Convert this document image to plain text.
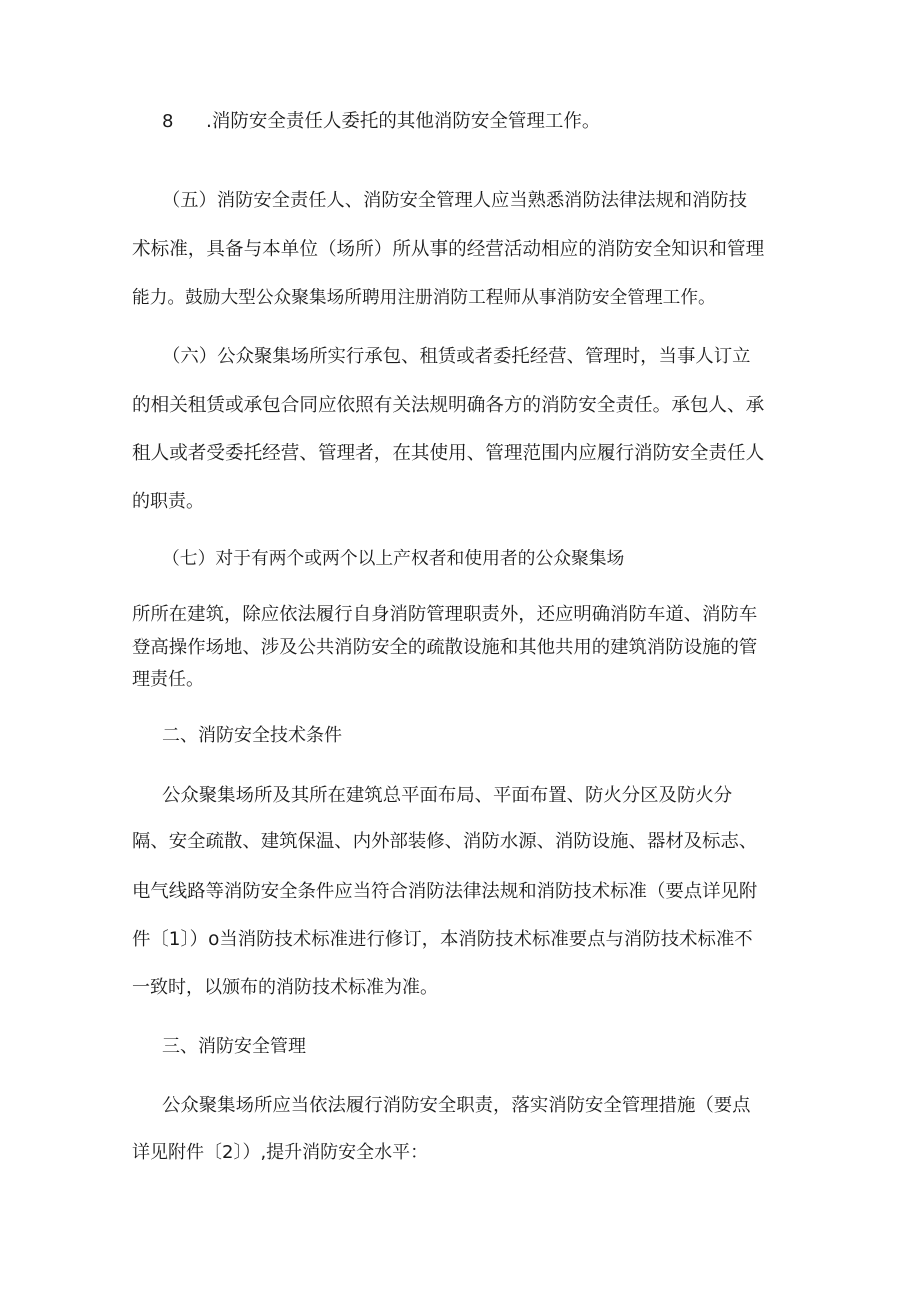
8 .消防安全责任人委托的其他消防安全管理工作。
（五）消防安全责任人、消防安全管理人应当熟悉消防法律法规和消防技
术标准，具备与本单位（场所）所从事的经营活动相应的消防安全知识和管理
能力。鼓励大型公众聚集场所聘用注册消防工程师从事消防安全管理工作。
（六）公众聚集场所实行承包、租赁或者委托经营、管理时，当事人订立
的相关租赁或承包合同应依照有关法规明确各方的消防安全责任。承包人、承
租人或者受委托经营、管理者，在其使用、管理范围内应履行消防安全责任人
的职责。
（七）对于有两个或两个以上产权者和使用者的公众聚集场
所所在建筑，除应依法履行自身消防管理职责外，还应明确消防车道、消防车
登高操作场地、涉及公共消防安全的疏散设施和其他共用的建筑消防设施的管
理责任。
二、消防安全技术条件
公众聚集场所及其所在建筑总平面布局、平面布置、防火分区及防火分
隔、安全疏散、建筑保温、内外部装修、消防水源、消防设施、器材及标志、
电气线路等消防安全条件应当符合消防法律法规和消防技术标准（要点详见附
件〔1〕）o当消防技术标准进行修订，本消防技术标准要点与消防技术标准不
一致时，以颁布的消防技术标准为准。
三、消防安全管理
公众聚集场所应当依法履行消防安全职责，落实消防安全管理措施（要点
详见附件〔2〕）,提升消防安全水平：
